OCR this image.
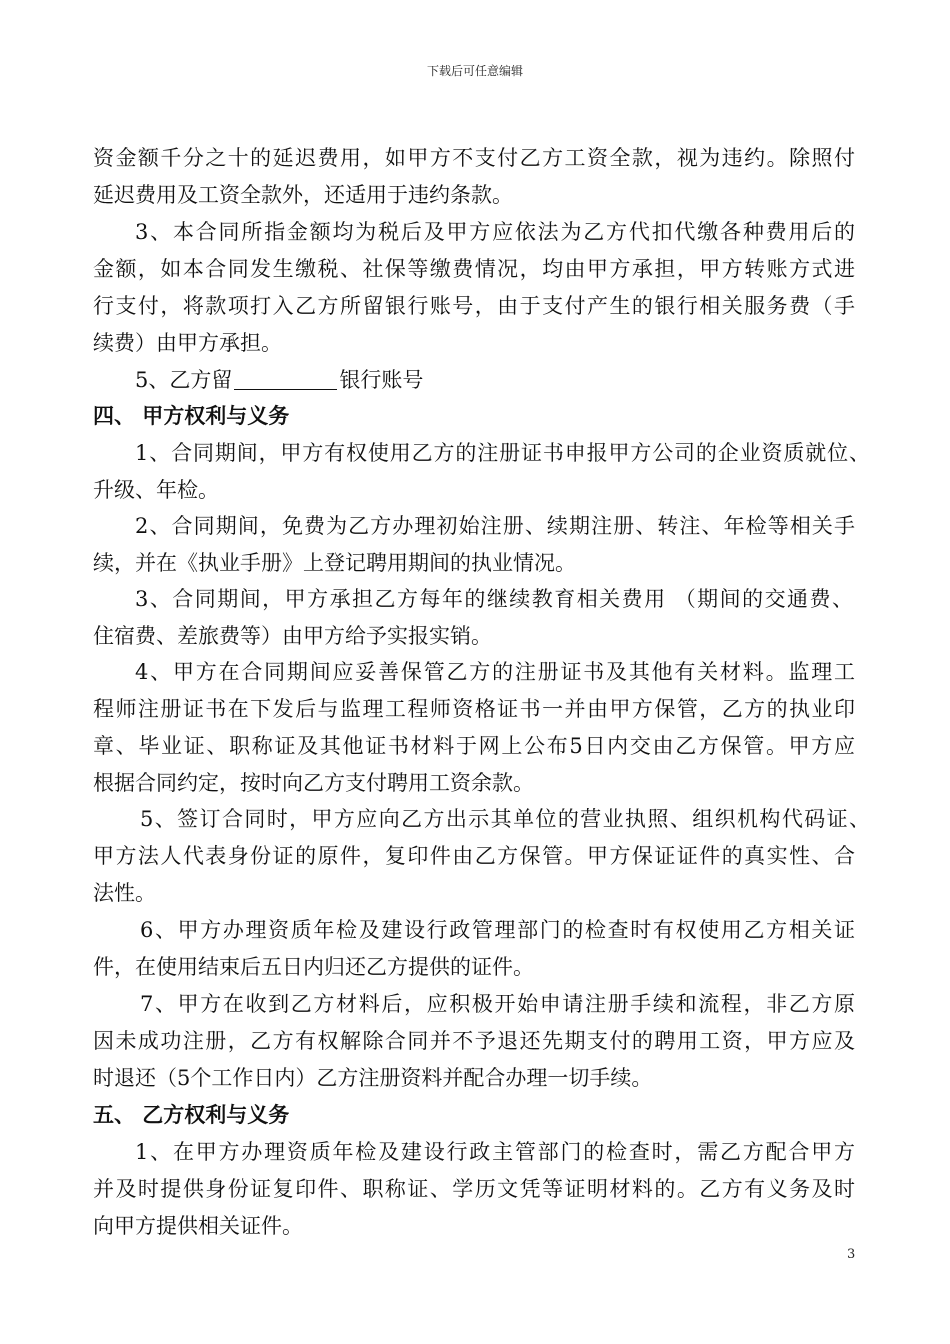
下载后可任意编辑
资金额千分之十的延迟费用，如甲方不支付乙方工资全款，视为违约。除照付
延迟费用及工资全款外，还适用于违约条款。
3、本合同所指金额均为税后及甲方应依法为乙方代扣代缴各种费用后的
金额，如本合同发生缴税、社保等缴费情况，均由甲方承担，甲方转账方式进
行支付，将款项打入乙方所留银行账号，由于支付产生的银行相关服务费（手
续费）由甲方承担。
5、乙方留	银行账号
四、 甲方权利与义务
1、合同期间，甲方有权使用乙方的注册证书申报甲方公司的企业资质就位、
升级、年检。
2、合同期间，免费为乙方办理初始注册、续期注册、转注、年检等相关手
续，并在《执业手册》上登记聘用期间的执业情况。
3、合同期间，甲方承担乙方每年的继续教育相关费用 （期间的交通费、
住宿费、差旅费等）由甲方给予实报实销。
4、甲方在合同期间应妥善保管乙方的注册证书及其他有关材料。监理工
程师注册证书在下发后与监理工程师资格证书一并由甲方保管，乙方的执业印
章、毕业证、职称证及其他证书材料于网上公布5日内交由乙方保管。甲方应
根据合同约定，按时向乙方支付聘用工资余款。
5、签订合同时，甲方应向乙方出示其单位的营业执照、组织机构代码证、
甲方法人代表身份证的原件，复印件由乙方保管。甲方保证证件的真实性、合
法性。
6、甲方办理资质年检及建设行政管理部门的检查时有权使用乙方相关证
件，在使用结束后五日内归还乙方提供的证件。
7、甲方在收到乙方材料后，应积极开始申请注册手续和流程，非乙方原
因未成功注册，乙方有权解除合同并不予退还先期支付的聘用工资，甲方应及
时退还（5个工作日内）乙方注册资料并配合办理一切手续。
五、 乙方权利与义务
1、在甲方办理资质年检及建设行政主管部门的检查时，需乙方配合甲方
并及时提供身份证复印件、职称证、学历文凭等证明材料的。乙方有义务及时
向甲方提供相关证件。
3
